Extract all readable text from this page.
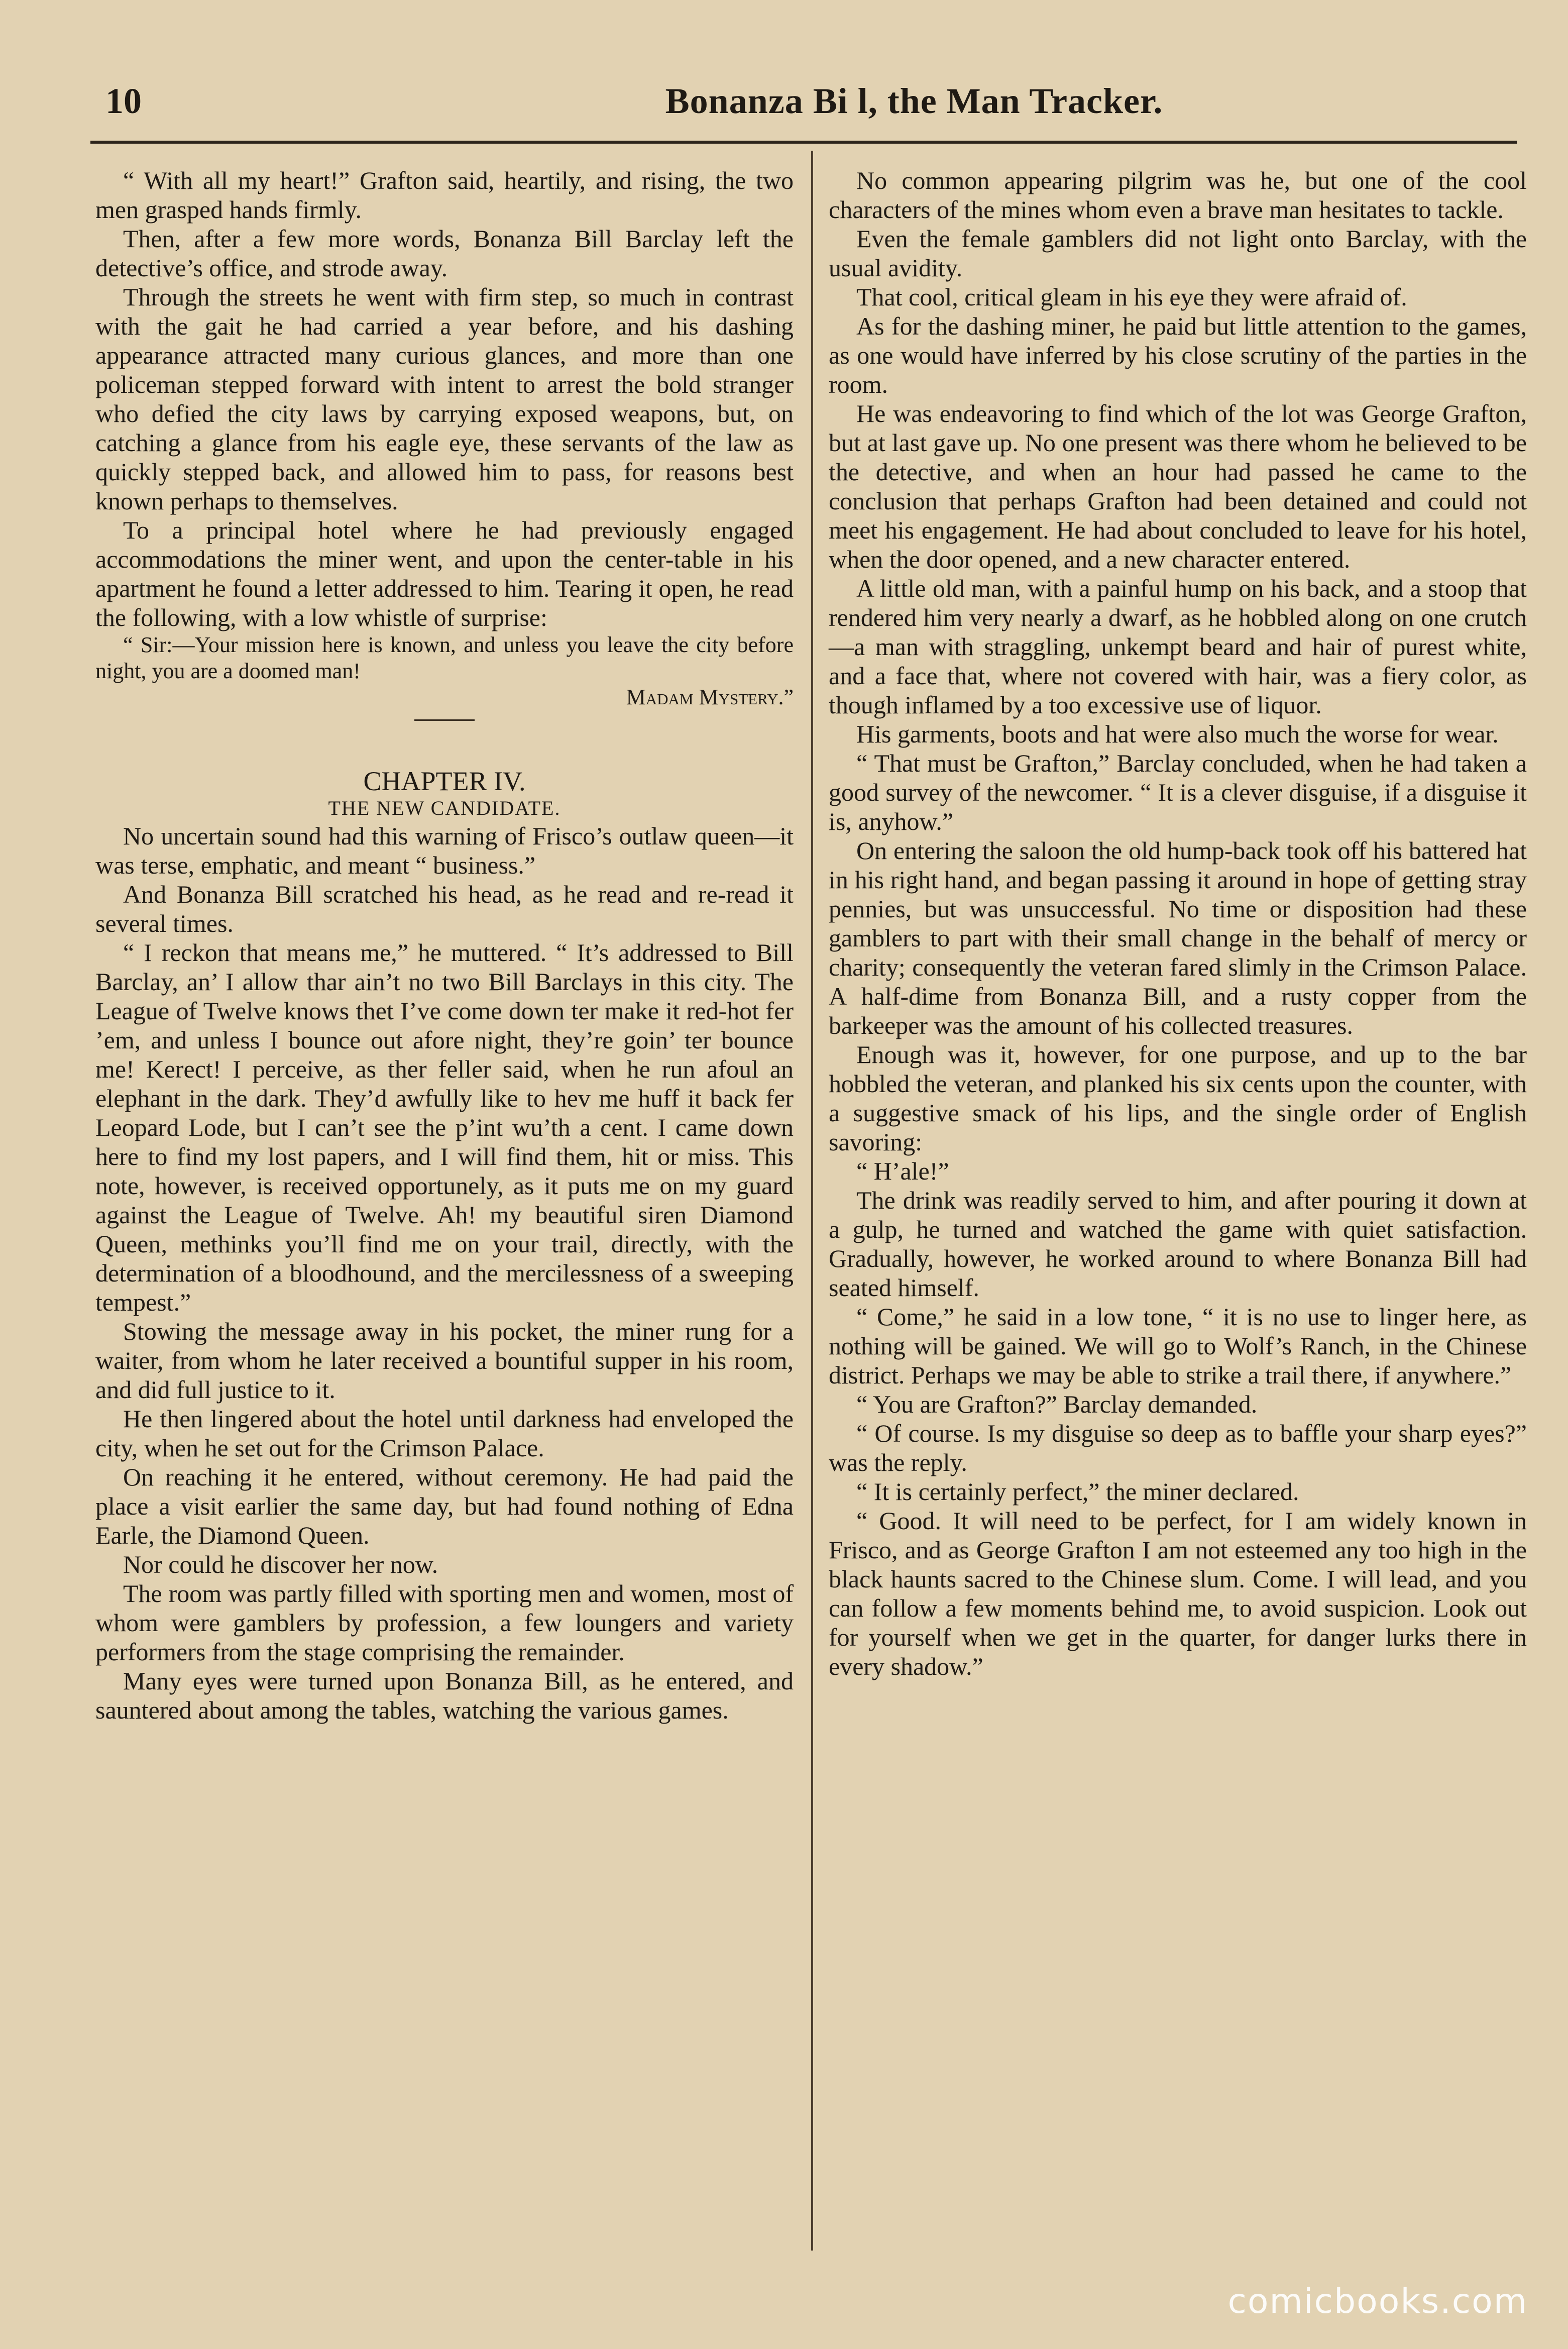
10	Bonanza Bi l, the Man Tracker.

“ With all my heart!” Grafton said, heartily, and rising, the two men grasped hands firmly.

Then, after a few more words, Bonanza Bill Barclay left the detective’s office, and strode away.

Through the streets he went with firm step, so much in contrast with the gait he had carried a year before, and his dashing appearance attracted many curious glances, and more than one policeman stepped forward with intent to arrest the bold stranger who defied the city laws by carrying exposed weapons, but, on catching a glance from his eagle eye, these servants of the law as quickly stepped back, and allowed him to pass, for reasons best known perhaps to themselves.

To a principal hotel where he had previously engaged accommodations the miner went, and upon the center-table in his apartment he found a letter addressed to him. Tearing it open, he read the following, with a low whistle of surprise:

“ Sir:—Your mission here is known, and unless you leave the city before night, you are a doomed man!

Madam Mystery.”

CHAPTER IV.

THE NEW CANDIDATE.

No uncertain sound had this warning of Frisco’s outlaw queen—it was terse, emphatic, and meant “ business.”

And Bonanza Bill scratched his head, as he read and re-read it several times.

“ I reckon that means me,” he muttered. “ It’s addressed to Bill Barclay, an’ I allow thar ain’t no two Bill Barclays in this city. The League of Twelve knows thet I’ve come down ter make it red-hot fer ’em, and unless I bounce out afore night, they’re goin’ ter bounce me! Kerect! I perceive, as ther feller said, when he run afoul an elephant in the dark. They’d awfully like to hev me huff it back fer Leopard Lode, but I can’t see the p’int wu’th a cent. I came down here to find my lost papers, and I will find them, hit or miss. This note, however, is received opportunely, as it puts me on my guard against the League of Twelve. Ah! my beautiful siren Diamond Queen, methinks you’ll find me on your trail, directly, with the determination of a bloodhound, and the mercilessness of a sweeping tempest.”

Stowing the message away in his pocket, the miner rung for a waiter, from whom he later received a bountiful supper in his room, and did full justice to it.

He then lingered about the hotel until darkness had enveloped the city, when he set out for the Crimson Palace.

On reaching it he entered, without ceremony. He had paid the place a visit earlier the same day, but had found nothing of Edna Earle, the Diamond Queen.

Nor could he discover her now.

The room was partly filled with sporting men and women, most of whom were gamblers by profession, a few loungers and variety performers from the stage comprising the remainder.

Many eyes were turned upon Bonanza Bill, as he entered, and sauntered about among the tables, watching the various games.

No common appearing pilgrim was he, but one of the cool characters of the mines whom even a brave man hesitates to tackle.

Even the female gamblers did not light onto Barclay, with the usual avidity.

That cool, critical gleam in his eye they were afraid of.

As for the dashing miner, he paid but little attention to the games, as one would have inferred by his close scrutiny of the parties in the room.

He was endeavoring to find which of the lot was George Grafton, but at last gave up. No one present was there whom he believed to be the detective, and when an hour had passed he came to the conclusion that perhaps Grafton had been detained and could not meet his engagement. He had about concluded to leave for his hotel, when the door opened, and a new character entered.

A little old man, with a painful hump on his back, and a stoop that rendered him very nearly a dwarf, as he hobbled along on one crutch—a man with straggling, unkempt beard and hair of purest white, and a face that, where not covered with hair, was a fiery color, as though inflamed by a too excessive use of liquor.

His garments, boots and hat were also much the worse for wear.

“ That must be Grafton,” Barclay concluded, when he had taken a good survey of the newcomer. “ It is a clever disguise, if a disguise it is, anyhow.”

On entering the saloon the old hump-back took off his battered hat in his right hand, and began passing it around in hope of getting stray pennies, but was unsuccessful. No time or disposition had these gamblers to part with their small change in the behalf of mercy or charity; consequently the veteran fared slimly in the Crimson Palace. A half-dime from Bonanza Bill, and a rusty copper from the barkeeper was the amount of his collected treasures.

Enough was it, however, for one purpose, and up to the bar hobbled the veteran, and planked his six cents upon the counter, with a suggestive smack of his lips, and the single order of English savoring:

“ H’ale!”

The drink was readily served to him, and after pouring it down at a gulp, he turned and watched the game with quiet satisfaction. Gradually, however, he worked around to where Bonanza Bill had seated himself.

“ Come,” he said in a low tone, “ it is no use to linger here, as nothing will be gained. We will go to Wolf’s Ranch, in the Chinese district. Perhaps we may be able to strike a trail there, if anywhere.”

“ You are Grafton?” Barclay demanded.

“ Of course. Is my disguise so deep as to baffle your sharp eyes?” was the reply.

“ It is certainly perfect,” the miner declared.

“ Good. It will need to be perfect, for I am widely known in Frisco, and as George Grafton I am not esteemed any too high in the black haunts sacred to the Chinese slum. Come. I will lead, and you can follow a few moments behind me, to avoid suspicion. Look out for yourself when we get in the quarter, for danger lurks there in every shadow.”

comicbooks.com
